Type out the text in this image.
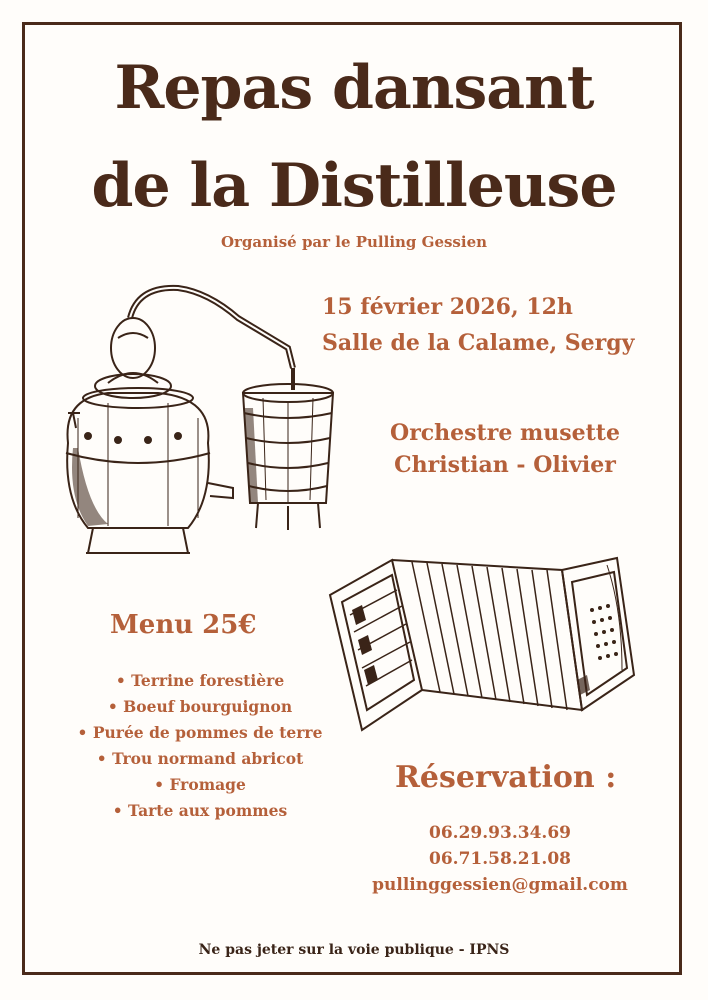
Repas dansant
de la Distilleuse
Organisé par le Pulling Gessien
15 février 2026, 12h
Salle de la Calame, Sergy
Orchestre musette
Christian - Olivier
Menu 25€
• Terrine forestière
• Boeuf bourguignon
• Purée de pommes de terre
• Trou normand abricot
• Fromage
• Tarte aux pommes
Réservation :
06.29.93.34.69
06.71.58.21.08
pullinggessien@gmail.com
Ne pas jeter sur la voie publique - IPNS
